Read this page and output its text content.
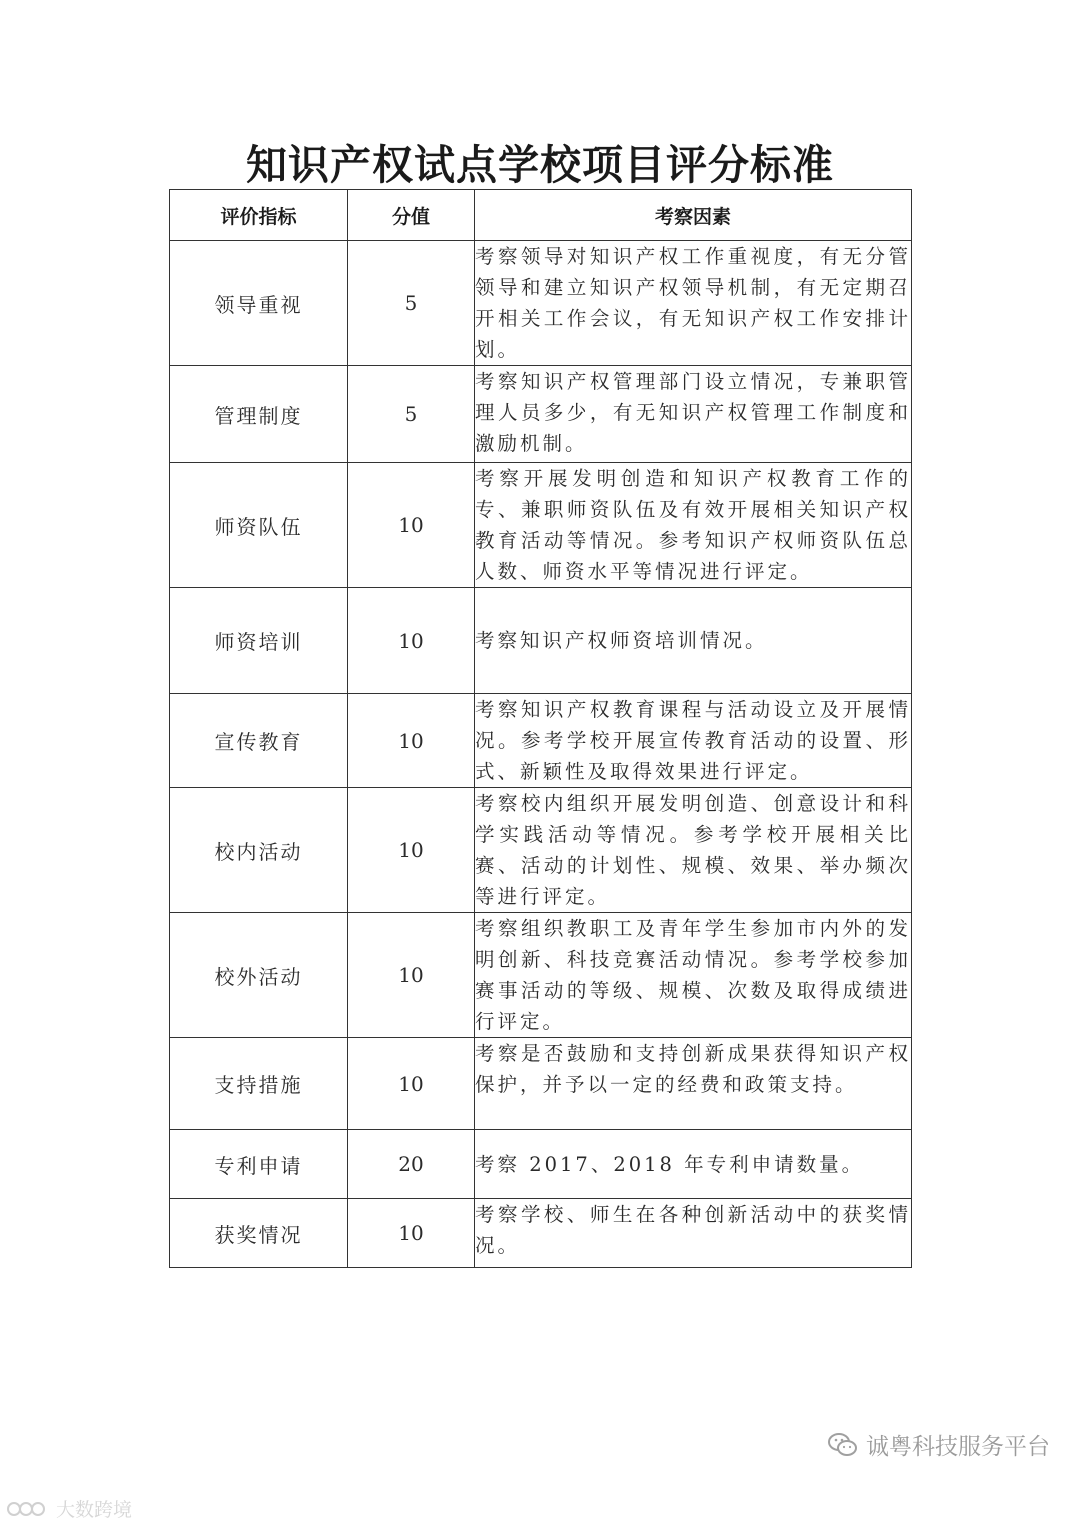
知识产权试点学校项目评分标准
评价指标	分值	考察因素
领导重视	5	考察领导对知识产权工作重视度，有无分管领导和建立知识产权领导机制，有无定期召开相关工作会议，有无知识产权工作安排计划。
管理制度	5	考察知识产权管理部门设立情况，专兼职管理人员多少，有无知识产权管理工作制度和激励机制。
师资队伍	10	考察开展发明创造和知识产权教育工作的专、兼职师资队伍及有效开展相关知识产权教育活动等情况。参考知识产权师资队伍总人数、师资水平等情况进行评定。
师资培训	10	考察知识产权师资培训情况。
宣传教育	10	考察知识产权教育课程与活动设立及开展情况。参考学校开展宣传教育活动的设置、形式、新颖性及取得效果进行评定。
校内活动	10	考察校内组织开展发明创造、创意设计和科学实践活动等情况。参考学校开展相关比赛、活动的计划性、规模、效果、举办频次等进行评定。
校外活动	10	考察组织教职工及青年学生参加市内外的发明创新、科技竞赛活动情况。参考学校参加赛事活动的等级、规模、次数及取得成绩进行评定。
支持措施	10	考察是否鼓励和支持创新成果获得知识产权保护，并予以一定的经费和政策支持。
专利申请	20	考察 2017、2018 年专利申请数量。
获奖情况	10	考察学校、师生在各种创新活动中的获奖情况。
诚粤科技服务平台
大数跨境
